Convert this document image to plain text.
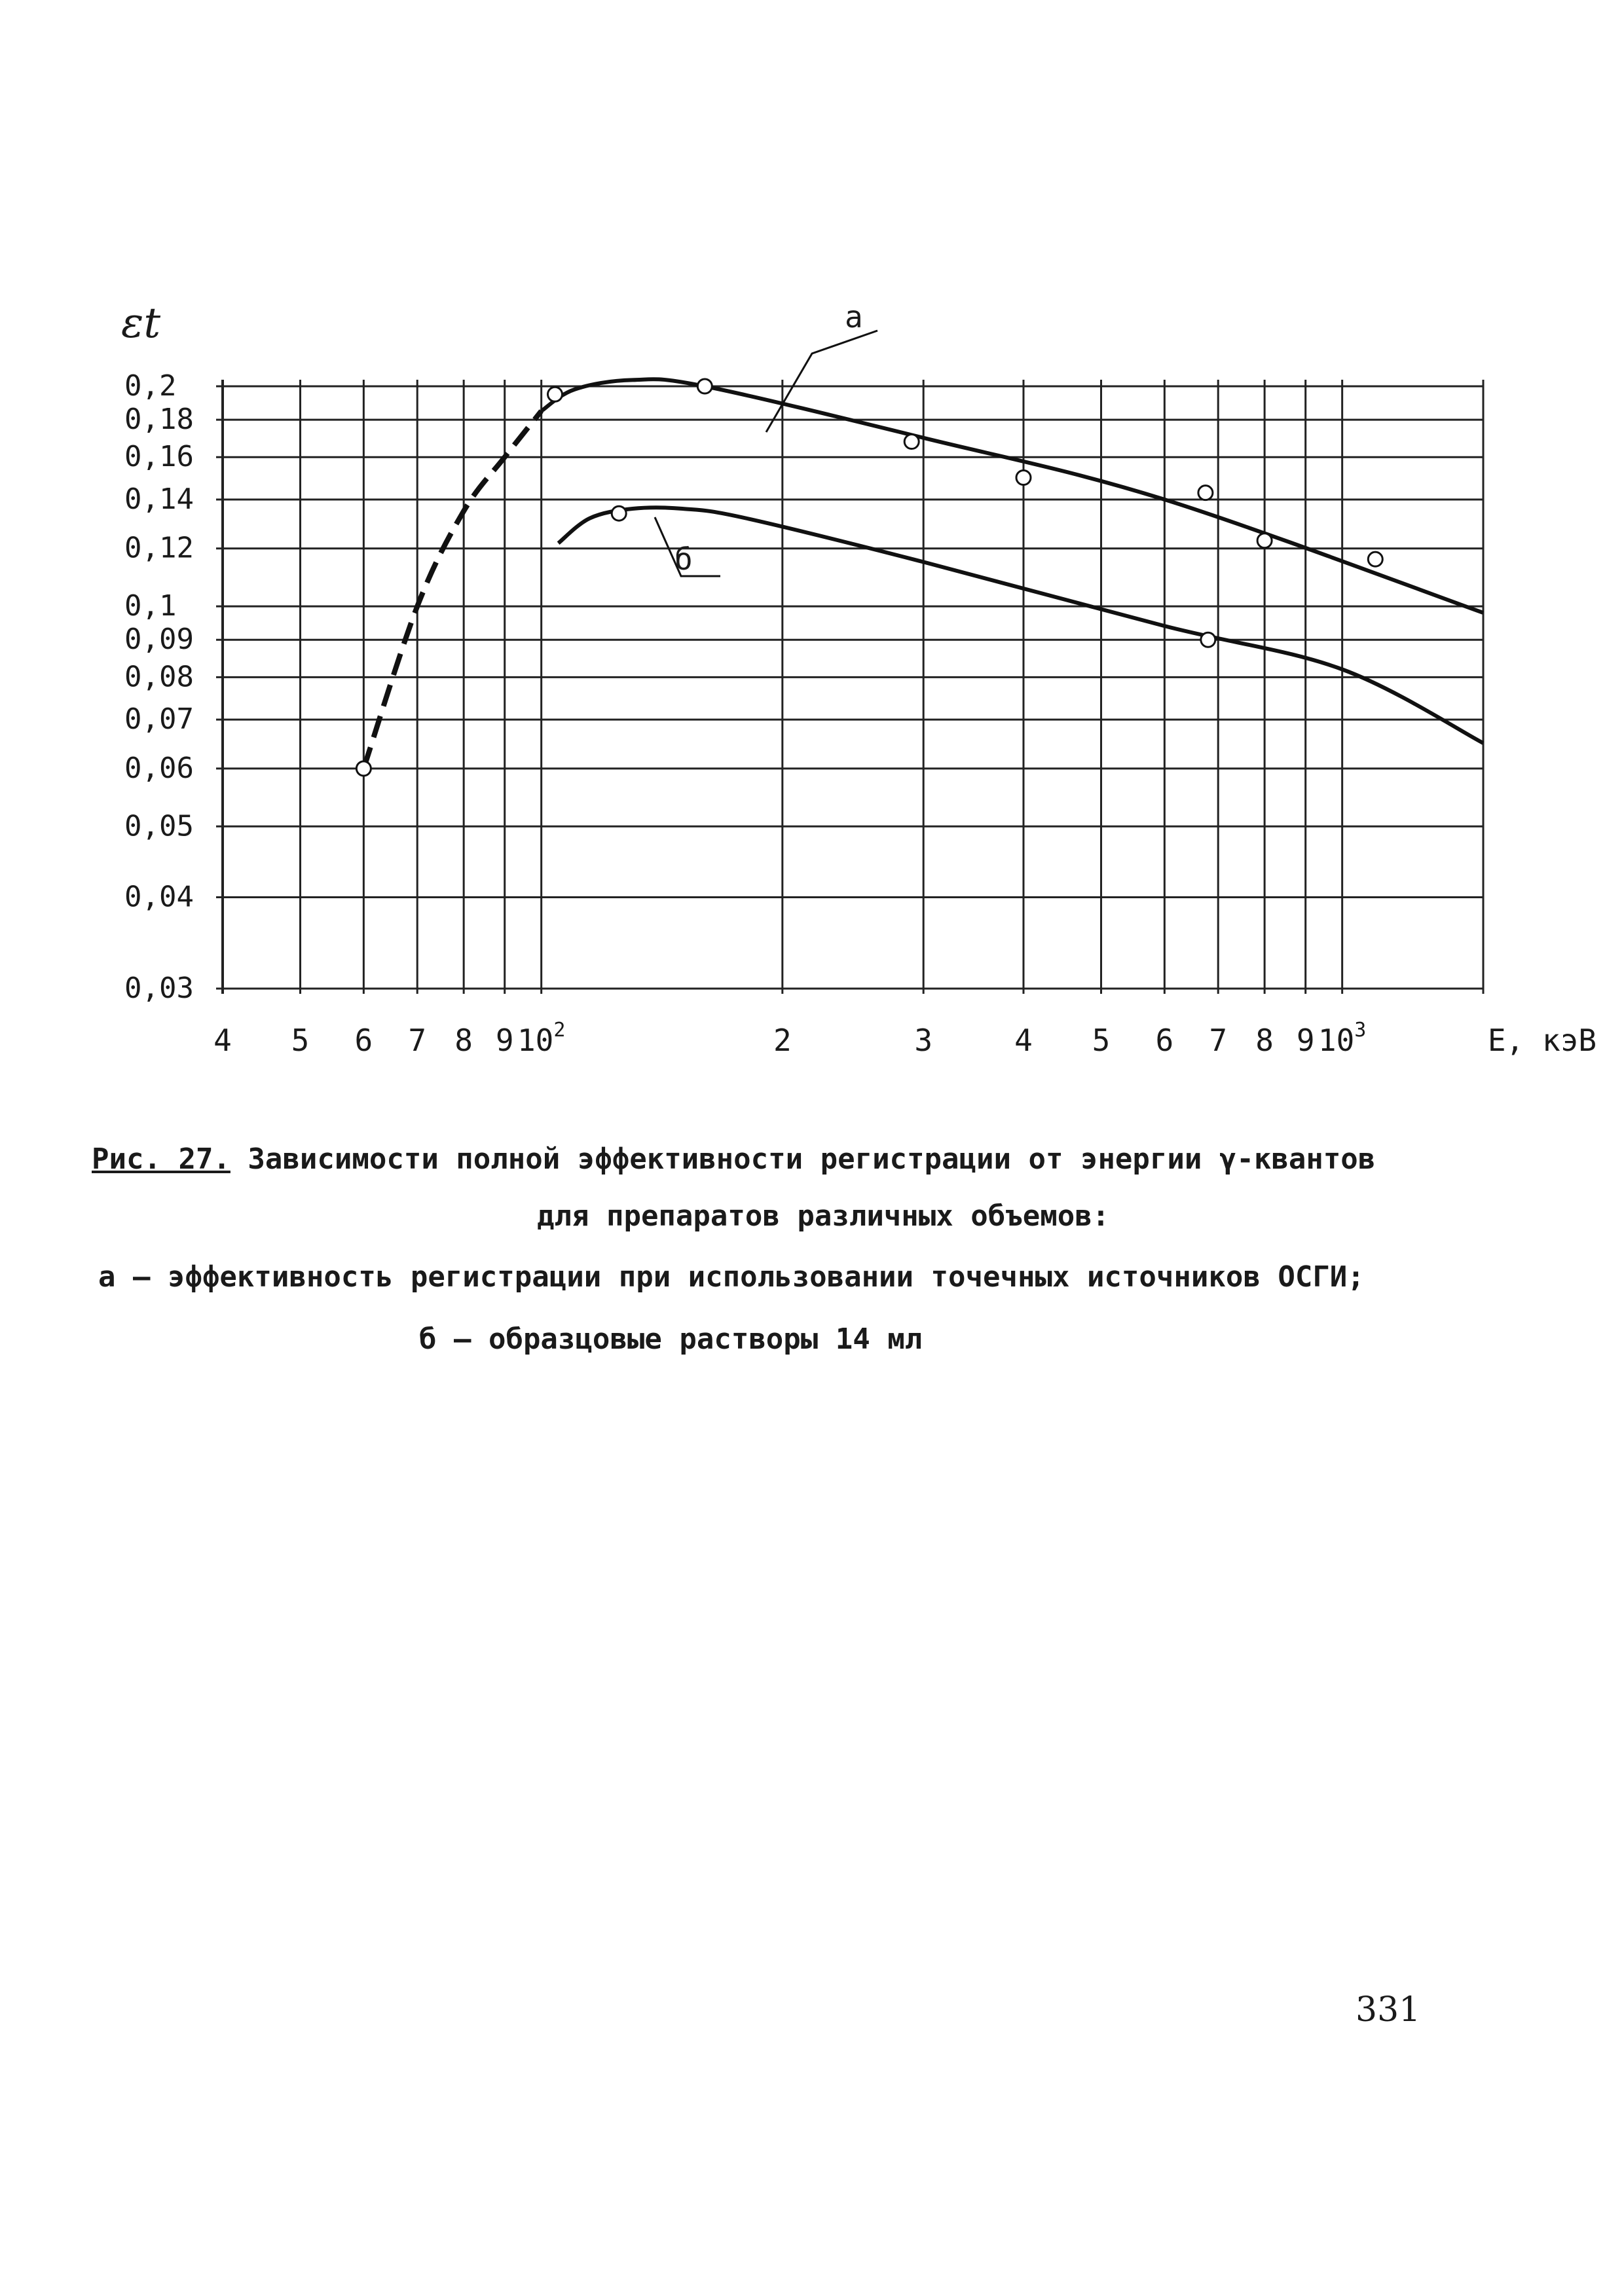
0,2
0,18
0,16
0,14
0,12
0,1
0,09
0,08
0,07
0,06
0,05
0,04
0,03
εt
4 5 6 7 8 9 $10^2$	2	3	4 5 6 7 8 9 $10^3$	E, кэВ
а
б
Рис. 27. Зависимости полной эффективности регистрации от энергии γ-квантов
для препаратов различных объемов:
а – эффективность регистрации при использовании точечных источников ОСГИ;
б – образцовые растворы 14 мл
331
